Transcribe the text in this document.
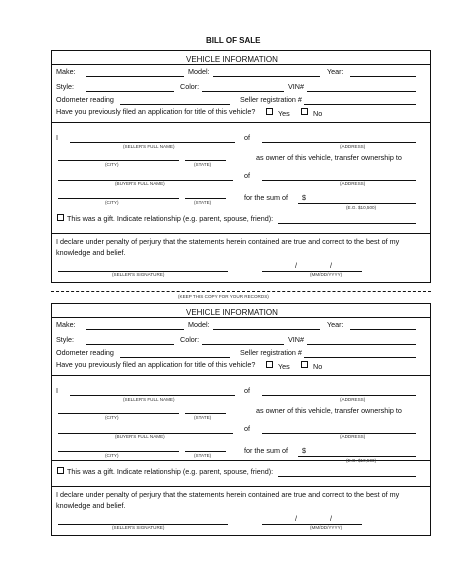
BILL OF SALE
VEHICLE INFORMATION
Make:	Model:	Year:
Style:	Color:	VIN#
Odometer reading	Seller registration #
Have you previously filed an application for title of this vehicle?	Yes	No
I
(SELLER'S FULL NAME)
of
(ADDRESS)
(CITY)	(STATE)
as owner of this vehicle, transfer ownership to
(BUYER'S FULL NAME)
of
(ADDRESS)
(CITY)	(STATE)
for the sum of $
(E.G. $10,500)
This was a gift. Indicate relationship (e.g. parent, spouse, friend):
I declare under penalty of perjury that the statements herein contained are true and correct to the best of my
knowledge and belief.
(SELLER'S SIGNATURE)
/	/
(MM/DD/YYYY)
(KEEP THIS COPY FOR YOUR RECORDS)
VEHICLE INFORMATION
Make:	Model:	Year:
Style:	Color:	VIN#
Odometer reading	Seller registration #
Have you previously filed an application for title of this vehicle?	Yes	No
I
(SELLER'S FULL NAME)
of
(ADDRESS)
(CITY)	(STATE)
as owner of this vehicle, transfer ownership to
(BUYER'S FULL NAME)
of
(ADDRESS)
(CITY)	(STATE)
for the sum of $
(E.G. $10,500)
This was a gift. Indicate relationship (e.g. parent, spouse, friend):
I declare under penalty of perjury that the statements herein contained are true and correct to the best of my
knowledge and belief.
(SELLER'S SIGNATURE)
/	/
(MM/DD/YYYY)
